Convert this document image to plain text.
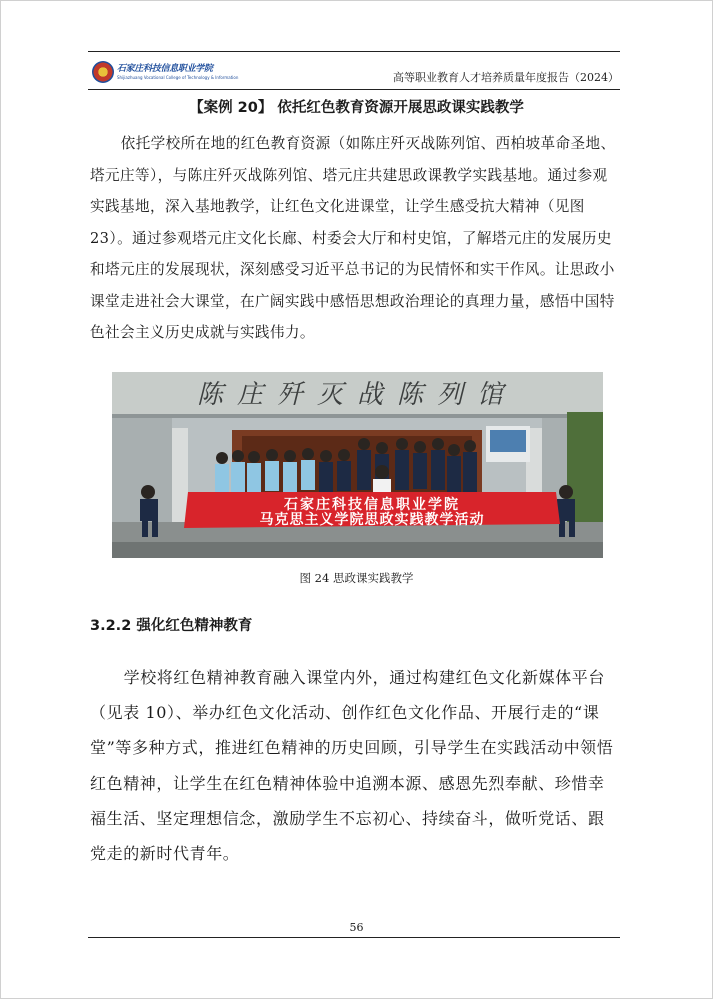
石家庄科技信息职业学院
Shijiazhuang Vocational College of Technology & Information	高等职业教育人才培养质量年度报告（2024）
【案例 20】 依托红色教育资源开展思政课实践教学

依托学校所在地的红色教育资源（如陈庄歼灭战陈列馆、西柏坡革命圣地、塔元庄等），与陈庄歼灭战陈列馆、塔元庄共建思政课教学实践基地。通过参观实践基地，深入基地教学，让红色文化进课堂，让学生感受抗大精神（见图 23）。通过参观塔元庄文化长廊、村委会大厅和村史馆，了解塔元庄的发展历史和塔元庄的发展现状，深刻感受习近平总书记的为民情怀和实干作风。让思政小课堂走进社会大课堂，在广阔实践中感悟思想政治理论的真理力量，感悟中国特色社会主义历史成就与实践伟力。

陈庄歼灭战陈列馆
石家庄科技信息职业学院
马克思主义学院思政实践教学活动
图 24 思政课实践教学
3.2.2 强化红色精神教育

学校将红色精神教育融入课堂内外，通过构建红色文化新媒体平台（见表 10）、举办红色文化活动、创作红色文化作品、开展行走的“课堂”等多种方式，推进红色精神的历史回顾，引导学生在实践活动中领悟红色精神，让学生在红色精神体验中追溯本源、感恩先烈奉献、珍惜幸福生活、坚定理想信念，激励学生不忘初心、持续奋斗，做听党话、跟党走的新时代青年。

56
